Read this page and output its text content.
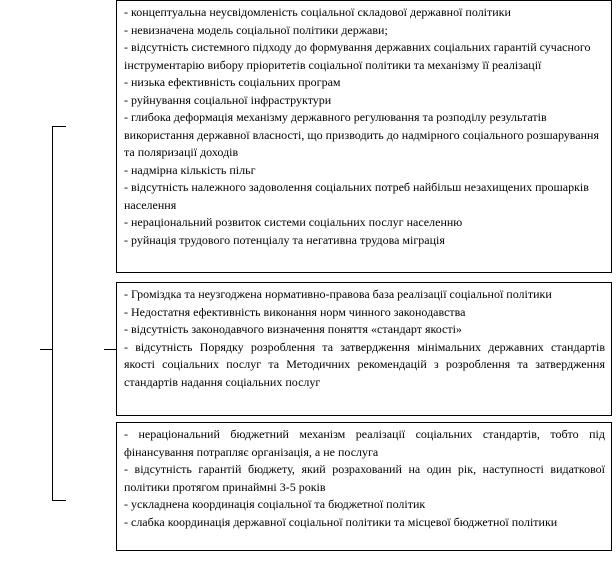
- концептуальна неусвідомленість соціальної складової державної політики

- невизначена модель соціальної політики держави;

- відсутність системного підходу до формування державних соціальних гарантій сучасного інструментарію вибору пріоритетів соціальної політики та механізму її реалізації

- низька ефективність соціальних програм

- руйнування соціальної інфраструктури

- глибока деформація механізму державного регулювання та розподілу результатів використання державної власності, що призводить до надмірного соціального розшарування та поляризації доходів

- надмірна кількість пільг

- відсутність належного задоволення соціальних потреб найбільш незахищених прошарків населення

- нераціональний розвиток системи соціальних послуг населенню

- руйнація трудового потенціалу та негативна трудова міграція

- Громіздка та неузгоджена нормативно-правова база реалізації соціальної політики

- Недостатня ефективність виконання норм чинного законодавства

- відсутність законодавчого визначення поняття «стандарт якості»

- відсутність Порядку розроблення та затвердження мінімальних державних стандартів якості соціальних послуг та Методичних рекомендацій з розроблення та затвердження стандартів надання соціальних послуг

- нераціональний бюджетний механізм реалізації соціальних стандартів, тобто під фінансування потрапляє організація, а не послуга

- відсутність гарантій бюджету, який розрахований на один рік, наступності видаткової політики протягом принаймні 3-5 років

- ускладнена координація соціальної та бюджетної політик

- слабка координація державної соціальної політики та місцевої бюджетної політики
